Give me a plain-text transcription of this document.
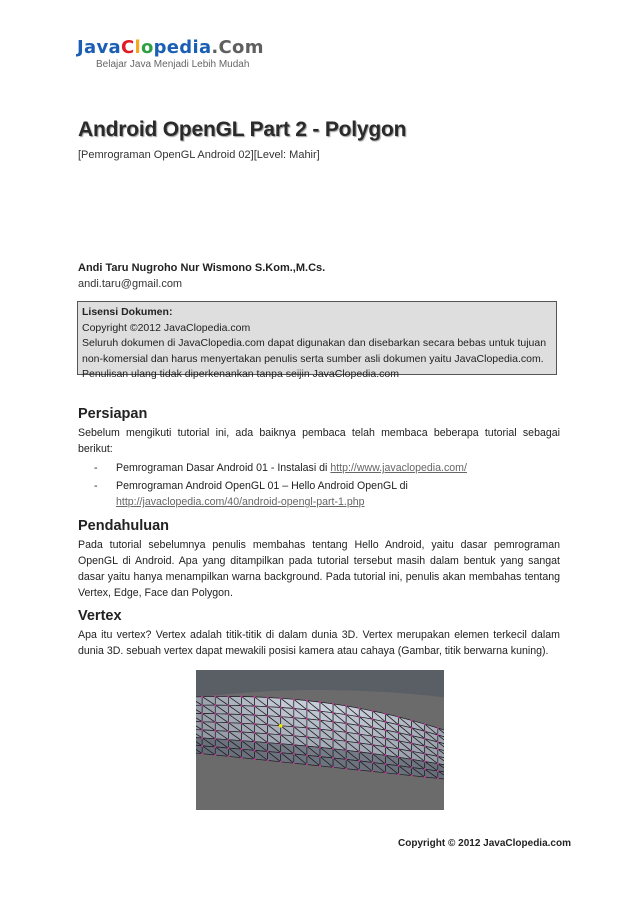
JavaClopedia.Com
Belajar Java Menjadi Lebih Mudah
Android OpenGL Part 2 - Polygon
[Pemrograman OpenGL Android 02][Level: Mahir]
Andi Taru Nugroho Nur Wismono S.Kom.,M.Cs.
andi.taru@gmail.com
Lisensi Dokumen:
Copyright ©2012 JavaClopedia.com
Seluruh dokumen di JavaClopedia.com dapat digunakan dan disebarkan secara bebas untuk tujuan
non-komersial dan harus menyertakan penulis serta sumber asli dokumen yaitu JavaClopedia.com.
Penulisan ulang tidak diperkenankan tanpa seijin JavaClopedia.com
Persiapan

Sebelum mengikuti tutorial ini, ada baiknya pembaca telah membaca beberapa tutorial sebagai berikut:

- Pemrograman Dasar Android 01 - Instalasi di http://www.javaclopedia.com/
- Pemrograman Android OpenGL 01 – Hello Android OpenGL di
http://javaclopedia.com/40/android-opengl-part-1.php
Pendahuluan

Pada tutorial sebelumnya penulis membahas tentang Hello Android, yaitu dasar pemrograman OpenGL di Android. Apa yang ditampilkan pada tutorial tersebut masih dalam bentuk yang sangat dasar yaitu hanya menampilkan warna background. Pada tutorial ini, penulis akan membahas tentang Vertex, Edge, Face dan Polygon.

Vertex

Apa itu vertex? Vertex adalah titik-titik di dalam dunia 3D. Vertex merupakan elemen terkecil dalam dunia 3D. sebuah vertex dapat mewakili posisi kamera atau cahaya (Gambar, titik berwarna kuning).

Copyright © 2012 JavaClopedia.com
